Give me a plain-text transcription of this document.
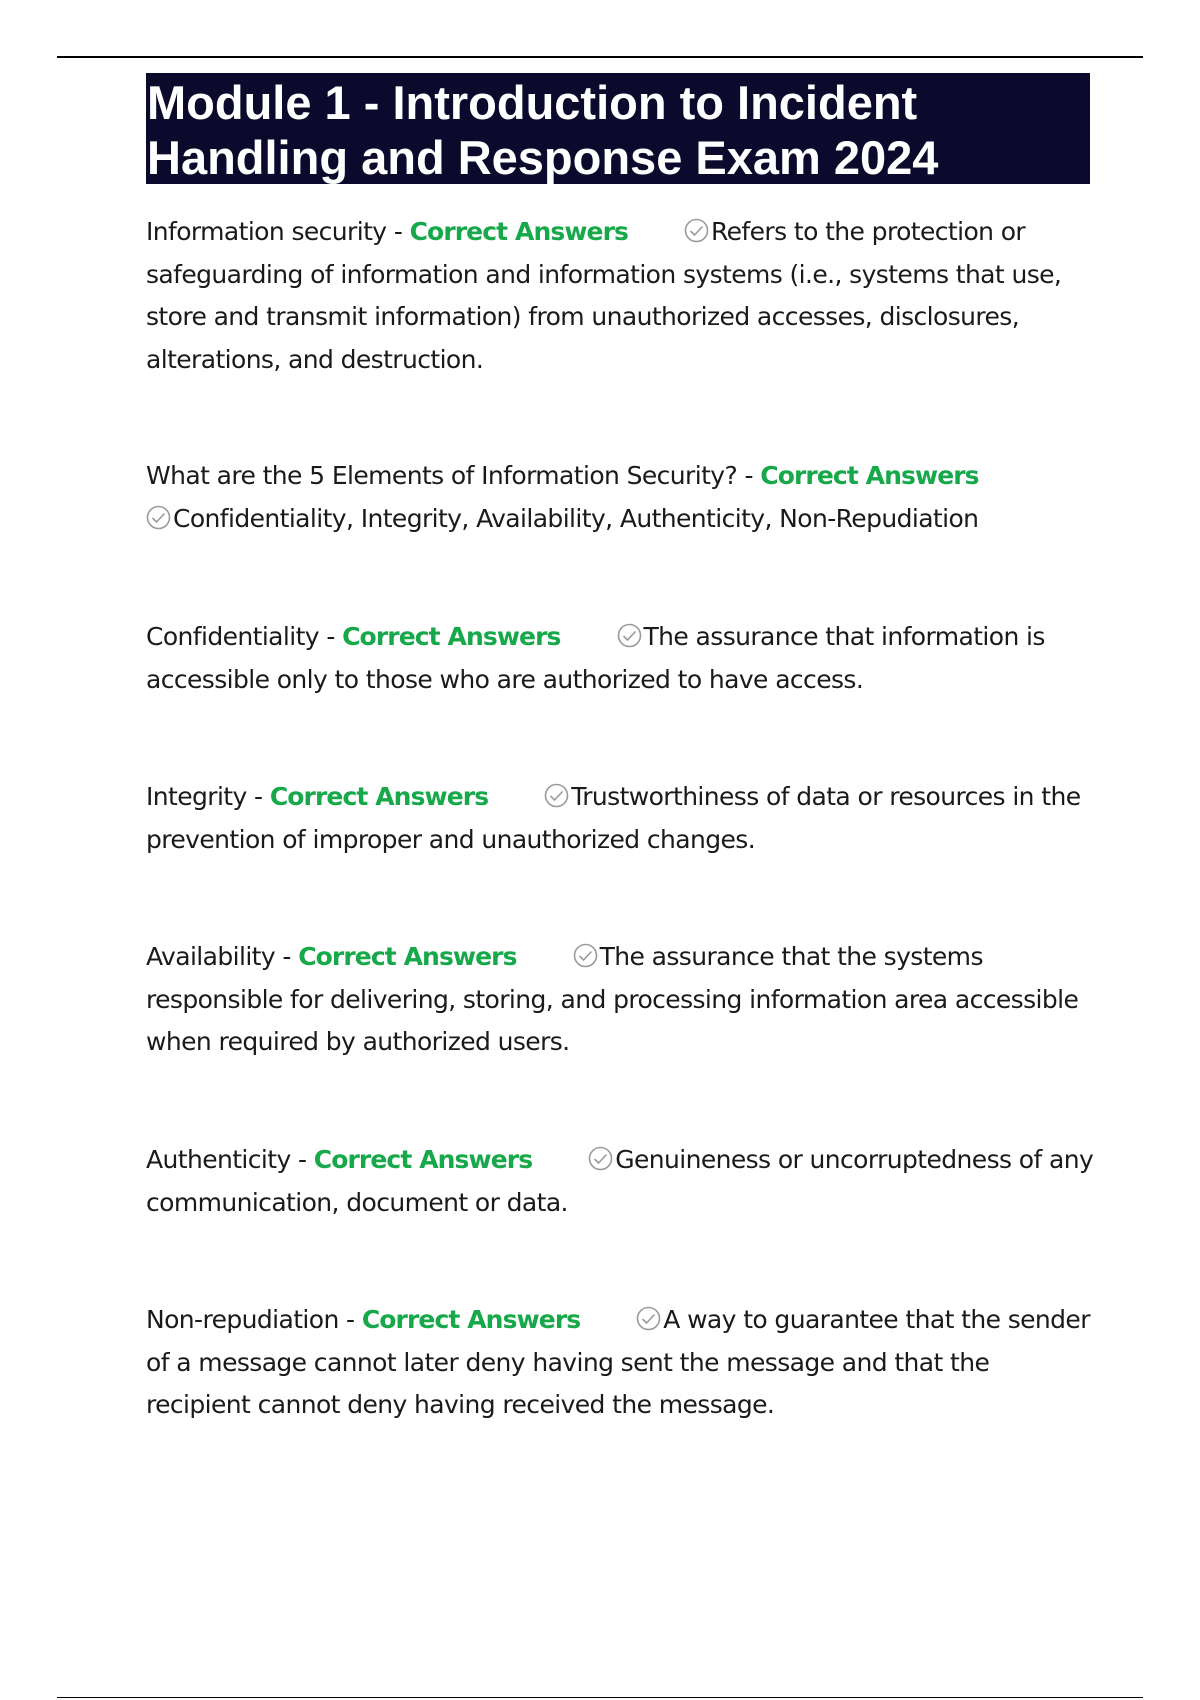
Module 1 - Introduction to Incident
Handling and Response Exam 2024

Information security - Correct Answers	Refers to the protection or safeguarding of information and information systems (i.e., systems that use, store and transmit information) from unauthorized accesses, disclosures, alterations, and destruction.

What are the 5 Elements of Information Security? - Correct Answers

Confidentiality, Integrity, Availability, Authenticity, Non-Repudiation

Confidentiality - Correct Answers	The assurance that information is accessible only to those who are authorized to have access.

Integrity - Correct Answers	Trustworthiness of data or resources in the prevention of improper and unauthorized changes.

Availability - Correct Answers	The assurance that the systems responsible for delivering, storing, and processing information area accessible when required by authorized users.

Authenticity - Correct Answers	Genuineness or uncorruptedness of any communication, document or data.

Non-repudiation - Correct Answers	A way to guarantee that the sender of a message cannot later deny having sent the message and that the recipient cannot deny having received the message.
